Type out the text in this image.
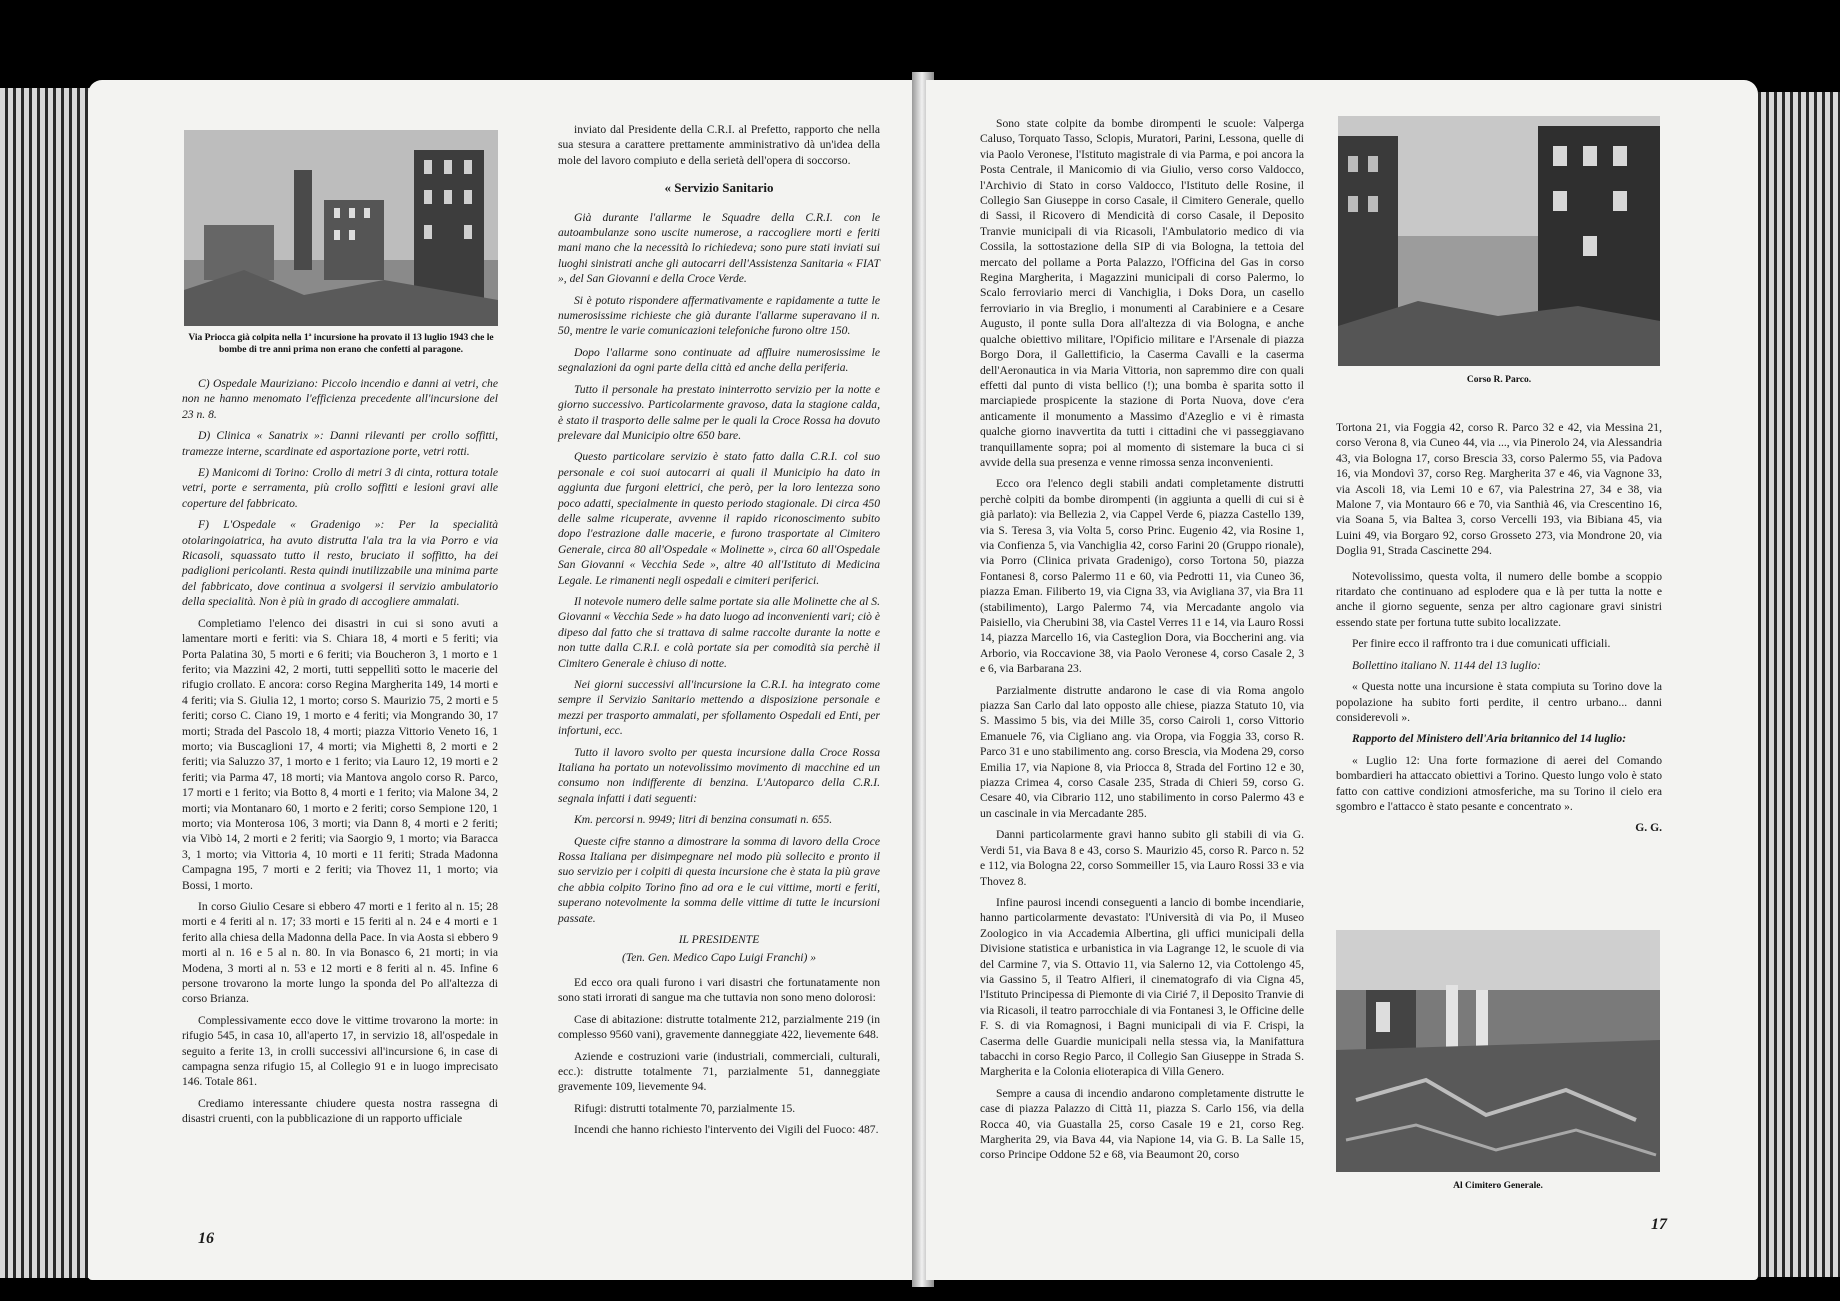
Via Priocca già colpita nella 1ª incursione ha provato il 13 luglio 1943 che le bombe di tre anni prima non erano che confetti al paragone.

C) Ospedale Mauriziano: Piccolo incendio e danni ai vetri, che non ne hanno menomato l'efficienza precedente all'incursione del 23 n. 8.

D) Clinica « Sanatrix »: Danni rilevanti per crollo soffitti, tramezze interne, scardinate ed asportazione porte, vetri rotti.

E) Manicomi di Torino: Crollo di metri 3 di cinta, rottura totale vetri, porte e serramenta, più crollo soffitti e lesioni gravi alle coperture del fabbricato.

F) L'Ospedale « Gradenigo »: Per la specialità otolaringoiatrica, ha avuto distrutta l'ala tra la via Porro e via Ricasoli, squassato tutto il resto, bruciato il soffitto, ha dei padiglioni pericolanti. Resta quindi inutilizzabile una minima parte del fabbricato, dove continua a svolgersi il servizio ambulatorio della specialità. Non è più in grado di accogliere ammalati.

Completiamo l'elenco dei disastri in cui si sono avuti a lamentare morti e feriti: via S. Chiara 18, 4 morti e 5 feriti; via Porta Palatina 30, 5 morti e 6 feriti; via Boucheron 3, 1 morto e 1 ferito; via Mazzini 42, 2 morti, tutti seppellitì sotto le macerie del rifugio crollato. E ancora: corso Regina Margherita 149, 14 morti e 4 feriti; via S. Giulia 12, 1 morto; corso S. Maurizio 75, 2 morti e 5 feriti; corso C. Ciano 19, 1 morto e 4 feriti; via Mongrando 30, 17 morti; Strada del Pascolo 18, 4 morti; piazza Vittorio Veneto 16, 1 morto; via Buscaglioni 17, 4 morti; via Mighetti 8, 2 morti e 2 feriti; via Saluzzo 37, 1 morto e 1 ferito; via Lauro 12, 19 morti e 2 feriti; via Parma 47, 18 morti; via Mantova angolo corso R. Parco, 17 morti e 1 ferito; via Botto 8, 4 morti e 1 ferito; via Malone 34, 2 morti; via Montanaro 60, 1 morto e 2 feriti; corso Sempione 120, 1 morto; via Monterosa 106, 3 morti; via Dann 8, 4 morti e 2 feriti; via Vibò 14, 2 morti e 2 feriti; via Saorgio 9, 1 morto; via Baracca 3, 1 morto; via Vittoria 4, 10 morti e 11 feriti; Strada Madonna Campagna 195, 7 morti e 2 feriti; via Thovez 11, 1 morto; via Bossi, 1 morto.

In corso Giulio Cesare si ebbero 47 morti e 1 ferito al n. 15; 28 morti e 4 feriti al n. 17; 33 morti e 15 feriti al n. 24 e 4 morti e 1 ferito alla chiesa della Madonna della Pace. In via Aosta si ebbero 9 morti al n. 16 e 5 al n. 80. In via Bonasco 6, 21 morti; in via Modena, 3 morti al n. 53 e 12 morti e 8 feriti al n. 45. Infine 6 persone trovarono la morte lungo la sponda del Po all'altezza di corso Brianza.

Complessivamente ecco dove le vittime trovarono la morte: in rifugio 545, in casa 10, all'aperto 17, in servizio 18, all'ospedale in seguito a ferite 13, in crolli successivi all'incursione 6, in case di campagna senza rifugio 15, al Collegio 91 e in luogo imprecisato 146. Totale 861.

Crediamo interessante chiudere questa nostra rassegna di disastri cruenti, con la pubblicazione di un rapporto ufficiale

inviato dal Presidente della C.R.I. al Prefetto, rapporto che nella sua stesura a carattere prettamente amministrativo dà un'idea della mole del lavoro compiuto e della serietà dell'opera di soccorso.

« Servizio Sanitario

Già durante l'allarme le Squadre della C.R.I. con le autoambulanze sono uscite numerose, a raccogliere morti e feriti mani mano che la necessità lo richiedeva; sono pure stati inviati sui luoghi sinistrati anche gli autocarri dell'Assistenza Sanitaria « FIAT », del San Giovanni e della Croce Verde.

Si è potuto rispondere affermativamente e rapidamente a tutte le numerosissime richieste che già durante l'allarme superavano il n. 50, mentre le varie comunicazioni telefoniche furono oltre 150.

Dopo l'allarme sono continuate ad affluire numerosissime le segnalazioni da ogni parte della città ed anche della periferia.

Tutto il personale ha prestato ininterrotto servizio per la notte e giorno successivo. Particolarmente gravoso, data la stagione calda, è stato il trasporto delle salme per le quali la Croce Rossa ha dovuto prelevare dal Municipio oltre 650 bare.

Questo particolare servizio è stato fatto dalla C.R.I. col suo personale e coi suoi autocarri ai quali il Municipio ha dato in aggiunta due furgoni elettrici, che però, per la loro lentezza sono poco adatti, specialmente in questo periodo stagionale. Di circa 450 delle salme ricuperate, avvenne il rapido riconoscimento subito dopo l'estrazione dalle macerie, e furono trasportate al Cimitero Generale, circa 80 all'Ospedale « Molinette », circa 60 all'Ospedale San Giovanni « Vecchia Sede », altre 40 all'Istituto di Medicina Legale. Le rimanenti negli ospedali e cimiteri periferici.

Il notevole numero delle salme portate sia alle Molinette che al S. Giovanni « Vecchia Sede » ha dato luogo ad inconvenienti vari; ciò è dipeso dal fatto che si trattava di salme raccolte durante la notte e non tutte dalla C.R.I. e colà portate sia per comodità sia perchè il Cimitero Generale è chiuso di notte.

Nei giorni successivi all'incursione la C.R.I. ha integrato come sempre il Servizio Sanitario mettendo a disposizione personale e mezzi per trasporto ammalati, per sfollamento Ospedali ed Enti, per infortuni, ecc.

Tutto il lavoro svolto per questa incursione dalla Croce Rossa Italiana ha portato un notevolissimo movimento di macchine ed un consumo non indifferente di benzina. L'Autoparco della C.R.I. segnala infatti i dati seguenti:

Km. percorsi n. 9949; litri di benzina consumati n. 655.

Queste cifre stanno a dimostrare la somma di lavoro della Croce Rossa Italiana per disimpegnare nel modo più sollecito e pronto il suo servizio per i colpiti di questa incursione che è stata la più grave che abbia colpito Torino fino ad ora e le cui vittime, morti e feriti, superano notevolmente la somma delle vittime di tutte le incursioni passate.

IL PRESIDENTE

(Ten. Gen. Medico Capo Luigi Franchi) »

Ed ecco ora quali furono i vari disastri che fortunatamente non sono stati irrorati di sangue ma che tuttavia non sono meno dolorosi:

Case di abitazione: distrutte totalmente 212, parzialmente 219 (in complesso 9560 vani), gravemente danneggiate 422, lievemente 648.

Aziende e costruzioni varie (industriali, commerciali, culturali, ecc.): distrutte totalmente 71, parzialmente 51, danneggiate gravemente 109, lievemente 94.

Rifugi: distrutti totalmente 70, parzialmente 15.

Incendi che hanno richiesto l'intervento dei Vigili del Fuoco: 487.

16

Sono state colpite da bombe dirompenti le scuole: Valperga Caluso, Torquato Tasso, Sclopis, Muratori, Parini, Lessona, quelle di via Paolo Veronese, l'Istituto magistrale di via Parma, e poi ancora la Posta Centrale, il Manicomio di via Giulio, verso corso Valdocco, l'Archivio di Stato in corso Valdocco, l'Istituto delle Rosine, il Collegio San Giuseppe in corso Casale, il Cimitero Generale, quello di Sassi, il Ricovero di Mendicità di corso Casale, il Deposito Tranvie municipali di via Ricasoli, l'Ambulatorio medico di via Cossila, la sottostazione della SIP di via Bologna, la tettoia del mercato del pollame a Porta Palazzo, l'Officina del Gas in corso Regina Margherita, i Magazzini municipali di corso Palermo, lo Scalo ferroviario merci di Vanchiglia, i Doks Dora, un casello ferroviario in via Breglio, i monumenti al Carabiniere e a Cesare Augusto, il ponte sulla Dora all'altezza di via Bologna, e anche qualche obiettivo militare, l'Opificio militare e l'Arsenale di piazza Borgo Dora, il Gallettificio, la Caserma Cavalli e la caserma dell'Aeronautica in via Maria Vittoria, non sapremmo dire con quali effetti dal punto di vista bellico (!); una bomba è sparita sotto il marciapiede prospicente la stazione di Porta Nuova, dove c'era anticamente il monumento a Massimo d'Azeglio e vi è rimasta qualche giorno inavvertita da tutti i cittadini che vi passeggiavano tranquillamente sopra; poi al momento di sistemare la buca ci si avvide della sua presenza e venne rimossa senza inconvenienti.

Ecco ora l'elenco degli stabili andati completamente distrutti perchè colpiti da bombe dirompenti (in aggiunta a quelli di cui si è già parlato): via Bellezia 2, via Cappel Verde 6, piazza Castello 139, via S. Teresa 3, via Volta 5, corso Princ. Eugenio 42, via Rosine 1, via Confienza 5, via Vanchiglia 42, corso Farini 20 (Gruppo rionale), via Porro (Clinica privata Gradenigo), corso Tortona 50, piazza Fontanesi 8, corso Palermo 11 e 60, via Pedrotti 11, via Cuneo 36, piazza Eman. Filiberto 19, via Cigna 33, via Avigliana 37, via Bra 11 (stabilimento), Largo Palermo 74, via Mercadante angolo via Paisiello, via Cherubini 38, via Castel Verres 11 e 14, via Lauro Rossi 14, piazza Marcello 16, via Casteglion Dora, via Boccherini ang. via Arborio, via Roccavione 38, via Paolo Veronese 4, corso Casale 2, 3 e 6, via Barbarana 23.

Parzialmente distrutte andarono le case di via Roma angolo piazza San Carlo dal lato opposto alle chiese, piazza Statuto 10, via S. Massimo 5 bis, via dei Mille 35, corso Cairoli 1, corso Vittorio Emanuele 76, via Cigliano ang. via Oropa, via Foggia 33, corso R. Parco 31 e uno stabilimento ang. corso Brescia, via Modena 29, corso Emilia 17, via Napione 8, via Priocca 8, Strada del Fortino 12 e 30, piazza Crimea 4, corso Casale 235, Strada di Chieri 59, corso G. Cesare 40, via Cibrario 112, uno stabilimento in corso Palermo 43 e un cascinale in via Mercadante 285.

Danni particolarmente gravi hanno subito gli stabili di via G. Verdi 51, via Bava 8 e 43, corso S. Maurizio 45, corso R. Parco n. 52 e 112, via Bologna 22, corso Sommeiller 15, via Lauro Rossi 33 e via Thovez 8.

Infine paurosi incendi conseguenti a lancio di bombe incendiarie, hanno particolarmente devastato: l'Università di via Po, il Museo Zoologico in via Accademia Albertina, gli uffici municipali della Divisione statistica e urbanistica in via Lagrange 12, le scuole di via del Carmine 7, via S. Ottavio 11, via Salerno 12, via Cottolengo 45, via Gassino 5, il Teatro Alfieri, il cinematografo di via Cigna 45, l'Istituto Principessa di Piemonte di via Cirié 7, il Deposito Tranvie di via Ricasoli, il teatro parrocchiale di via Fontanesi 3, le Officine delle F. S. di via Romagnosi, i Bagni municipali di via F. Crispi, la Caserma delle Guardie municipali nella stessa via, la Manifattura tabacchi in corso Regio Parco, il Collegio San Giuseppe in Strada S. Margherita e la Colonia elioterapica di Villa Genero.

Sempre a causa di incendio andarono completamente distrutte le case di piazza Palazzo di Città 11, piazza S. Carlo 156, via della Rocca 40, via Guastalla 25, corso Casale 19 e 21, corso Reg. Margherita 29, via Bava 44, via Napione 14, via G. B. La Salle 15, corso Principe Oddone 52 e 68, via Beaumont 20, corso

Corso R. Parco.

Tortona 21, via Foggia 42, corso R. Parco 32 e 42, via Messina 21, corso Verona 8, via Cuneo 44, via ..., via Pinerolo 24, via Alessandria 43, via Bologna 17, corso Brescia 33, corso Palermo 55, via Padova 16, via Mondovì 37, corso Reg. Margherita 37 e 46, via Vagnone 33, via Ascoli 18, via Lemi 10 e 67, via Palestrina 27, 34 e 38, via Malone 7, via Montauro 66 e 70, via Santhià 46, via Crescentino 16, via Soana 5, via Baltea 3, corso Vercelli 193, via Bibiana 45, via Luini 49, via Borgaro 92, corso Grosseto 273, via Mondrone 20, via Doglia 91, Strada Cascinette 294.

Notevolissimo, questa volta, il numero delle bombe a scoppio ritardato che continuano ad esplodere qua e là per tutta la notte e anche il giorno seguente, senza per altro cagionare gravi sinistri essendo state per fortuna tutte subito localizzate.

Per finire ecco il raffronto tra i due comunicati ufficiali.

Bollettino italiano N. 1144 del 13 luglio:

« Questa notte una incursione è stata compiuta su Torino dove la popolazione ha subito forti perdite, il centro urbano... danni considerevoli ».

Rapporto del Ministero dell'Aria britannico del 14 luglio:

« Luglio 12: Una forte formazione di aerei del Comando bombardieri ha attaccato obiettivi a Torino. Questo lungo volo è stato fatto con cattive condizioni atmosferiche, ma su Torino il cielo era sgombro e l'attacco è stato pesante e concentrato ».

G. G.

Al Cimitero Generale.
17
